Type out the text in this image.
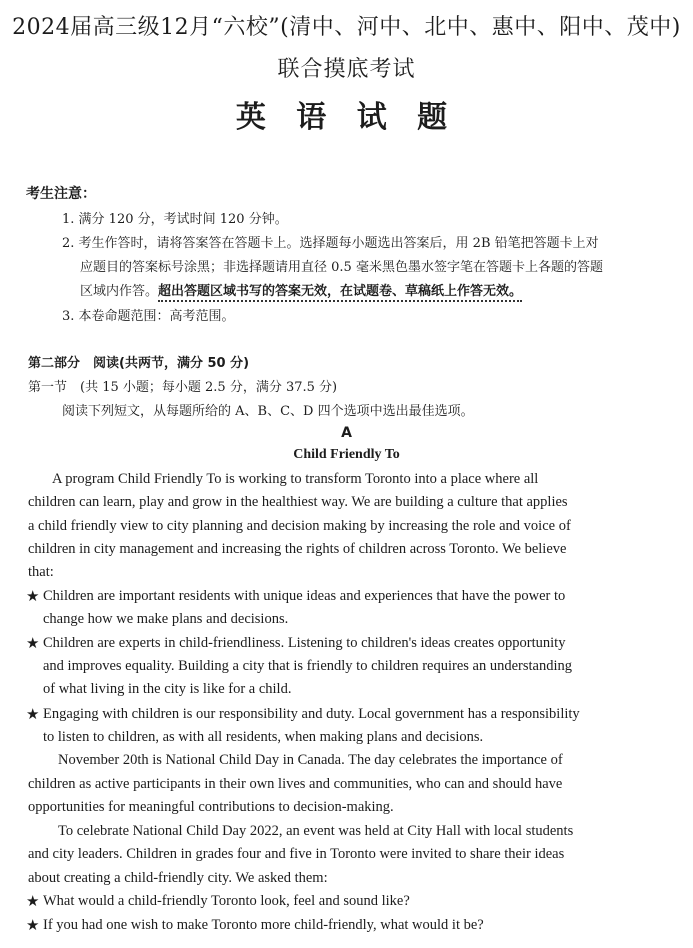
2024届高三级12月“六校”(清中、河中、北中、惠中、阳中、茂中)
联合摸底考试
英 语 试 题
考生注意：
1. 满分 120 分，考试时间 120 分钟。
2. 考生作答时，请将答案答在答题卡上。选择题每小题选出答案后，用 2B 铅笔把答题卡上对
应题目的答案标号涂黑；非选择题请用直径 0.5 毫米黑色墨水签字笔在答题卡上各题的答题
区域内作答。超出答题区域书写的答案无效，在试题卷、草稿纸上作答无效。
3. 本卷命题范围：高考范围。
第二部分　阅读(共两节，满分 50 分)
第一节　(共 15 小题；每小题 2.5 分，满分 37.5 分)
阅读下列短文，从每题所给的 A、B、C、D 四个选项中选出最佳选项。
A
Child Friendly To
A program Child Friendly To is working to transform Toronto into a place where all
children can learn, play and grow in the healthiest way. We are building a culture that applies
a child friendly view to city planning and decision making by increasing the role and voice of
children in city management and increasing the rights of children across Toronto. We believe
that:
★ Children are important residents with unique ideas and experiences that have the power to
change how we make plans and decisions.
★ Children are experts in child-friendliness. Listening to children's ideas creates opportunity
and improves equality. Building a city that is friendly to children requires an understanding
of what living in the city is like for a child.
★ Engaging with children is our responsibility and duty. Local government has a responsibility
to listen to children, as with all residents, when making plans and decisions.
November 20th is National Child Day in Canada. The day celebrates the importance of
children as active participants in their own lives and communities, who can and should have
opportunities for meaningful contributions to decision-making.
To celebrate National Child Day 2022, an event was held at City Hall with local students
and city leaders. Children in grades four and five in Toronto were invited to share their ideas
about creating a child-friendly city. We asked them:
★ What would a child-friendly Toronto look, feel and sound like?
★ If you had one wish to make Toronto more child-friendly, what would it be?
